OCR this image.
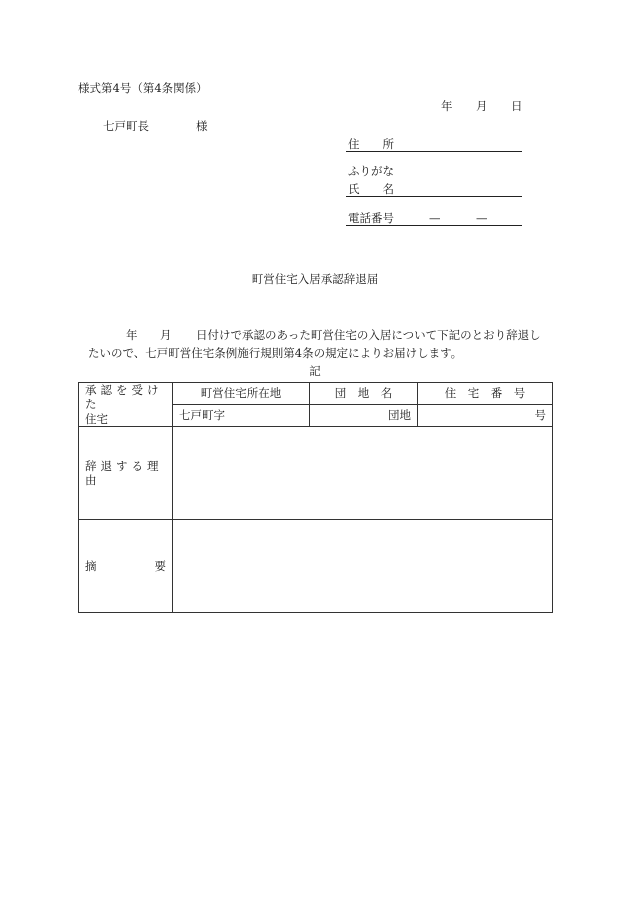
様式第4号（第4条関係）
年 月 日
七戸町長	様
住　　所
ふりがな
氏　　名
電話番号	—	—
町営住宅入居承認辞退届
年 月 日付けで承認のあった町営住宅の入居について下記のとおり辞退し
たいので、七戸町営住宅条例施行規則第4条の規定によりお届けします。
記
承認を受けた
住宅	町営住宅所在地	団　地　名	住　宅　番　号
	七戸町字	団地	号
辞退する理由			

摘 要			
